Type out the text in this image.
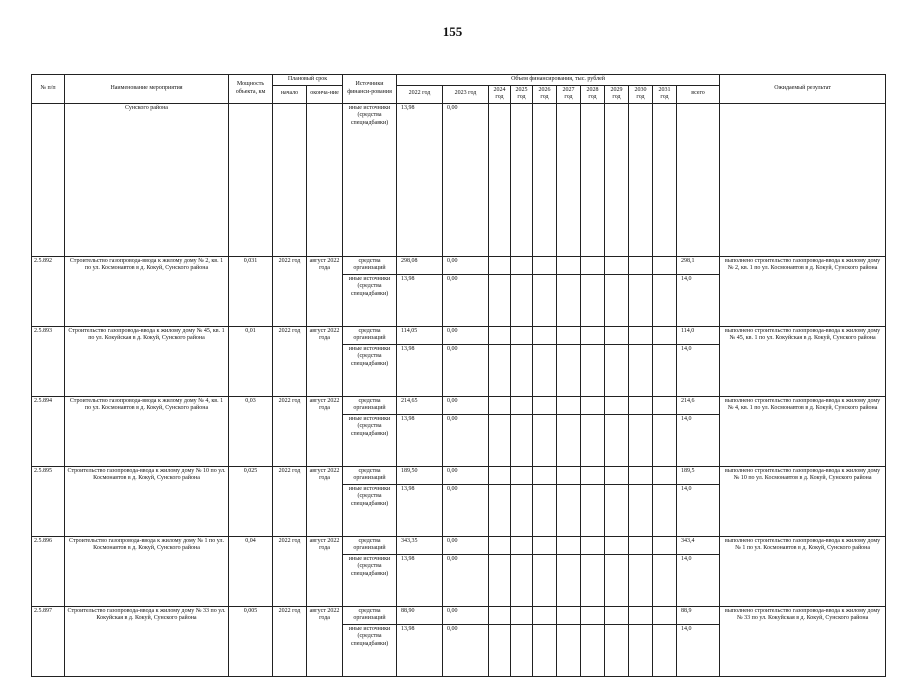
155
№ п/п	Наименование мероприятия	Мощность объекта, км	Плановый срок		Источники финанси-рования	Объем финансирования, тыс. рублей											Ожидаемый результат	
			начало	оконча-ние		2022 год	2023 год	2024 год	2025 год	2026 год	2027 год	2028 год	2029 год	2030 год	2031 год	всего		

	Сунского района				иные источники (средства спецнадбавки)	13,98	0,00												
2.5.892	Строительство газопровода-ввода к жилому дому № 2, кв. 1 по ул. Космонавтов в д. Кокуй, Сунского района	0,031	2022 год	август 2022 года	средства организаций	298,08	0,00									298,1	выполнено строительство газопровода-ввода к жилому дому № 2, кв. 1 по ул. Космонавтов в д. Кокуй, Сунского района	
					иные источники (средства спецнадбавки)	13,98	0,00									14,0		
2.5.893	Строительство газопровода-ввода к жилому дому № 45, кв. 1 по ул. Кокуйская в д. Кокуй, Сунского района	0,01	2022 год	август 2022 года	средства организаций	114,05	0,00									114,0	выполнено строительство газопровода-ввода к жилому дому № 45, кв. 1 по ул. Кокуйская в д. Кокуй, Сунского района	
					иные источники (средства спецнадбавки)	13,98	0,00									14,0		
2.5.894	Строительство газопровода-ввода к жилому дому № 4, кв. 1 по ул. Космонавтов в д. Кокуй, Сунского района	0,03	2022 год	август 2022 года	средства организаций	214,65	0,00									214,6	выполнено строительство газопровода-ввода к жилому дому № 4, кв. 1 по ул. Космонавтов в д. Кокуй, Сунского района	
					иные источники (средства спецнадбавки)	13,98	0,00									14,0		
2.5.895	Строительство газопровода-ввода к жилому дому № 10 по ул. Космонавтов в д. Кокуй, Сунского района	0,025	2022 год	август 2022 года	средства организаций	189,50	0,00									189,5	выполнено строительство газопровода-ввода к жилому дому № 10 по ул. Космонавтов в д. Кокуй, Сунского района	
					иные источники (средства спецнадбавки)	13,98	0,00									14,0		
2.5.896	Строительство газопровода-ввода к жилому дому № 1 по ул. Космонавтов в д. Кокуй, Сунского района	0,04	2022 год	август 2022 года	средства организаций	343,35	0,00									343,4	выполнено строительство газопровода-ввода к жилому дому № 1 по ул. Космонавтов в д. Кокуй, Сунского района	
					иные источники (средства спецнадбавки)	13,98	0,00									14,0		
2.5.897	Строительство газопровода-ввода к жилому дому № 33 по ул. Кокуйская в д. Кокуй, Сунского района	0,005	2022 год	август 2022 года	средства организаций	88,90	0,00									88,9	выполнено строительство газопровода-ввода к жилому дому № 33 по ул. Кокуйская в д. Кокуй, Сунского района	
					иные источники (средства спецнадбавки)	13,98	0,00									14,0		
